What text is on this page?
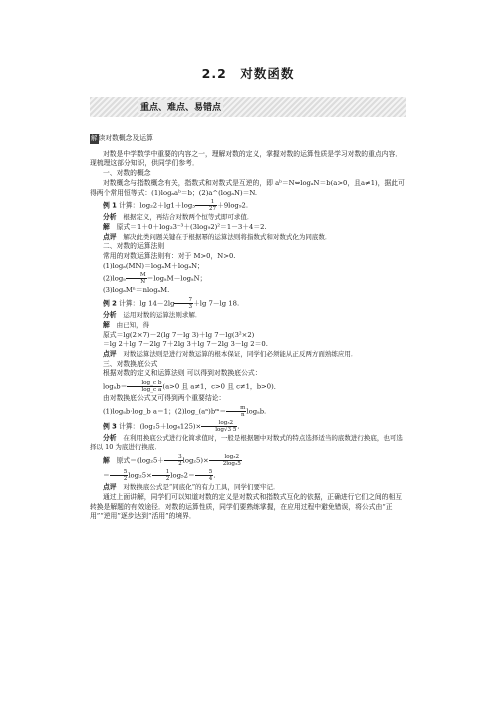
2.2　对数函数
重点、难点、易错点

解读对数概念及运算

对数是中学数学中重要的内容之一，理解对数的定义，掌握对数的运算性质是学习对数的重点内容．现梳理这部分知识，供同学们参考．

一、对数的概念

对数概念与指数概念有关，指数式和对数式是互逆的，即 aᵇ＝N⇔logₐN＝b(a>0，且a≠1)，据此可得两个常用恒等式：(1)logₐaᵇ＝b；(2)a^(logₐN)＝N.

例 1 计算：$\log_22+\lg 1+\log_3 \frac{1}{27} +9\log_92$.

分析　 根据定义，再结合对数两个恒等式即可求值．

解　 原式＝1＋0＋log₃3⁻³＋(3log₉2)²＝1－3＋4＝2.

点评　 解决此类问题关键在于根据幂的运算法则将指数式和对数式化为同底数．

二、对数的运算法则

常用的对数运算法则有：对于 M>0，N>0.

(1)logₐ(MN)＝logₐM＋logₐN；

$(2)\log_a \frac{M}{N} =\log_aM-\log_aN$；

(3)logₐMⁿ＝nlogₐM.

例 2 计算：$\lg 14-2\lg \frac{7}{3} +\lg$ 7－lg 18.

分析　 运用对数的运算法则求解．

解　 由已知，得

原式＝lg(2×7)－2(lg 7－lg 3)＋lg 7－lg(3²×2)

＝lg 2＋lg 7－2lg 7＋2lg 3＋lg 7－2lg 3－lg 2＝0.

点评　 对数运算法则是进行对数运算的根本保证，同学们必须能从正反两方面熟练应用．

三、对数换底公式

根据对数的定义和运算法则 可以得到对数换底公式：

$\log_ab= \frac{\text{log\_c b}}{\text{log\_c a}} (a>0$ 且 a≠1，c>0 且 c≠1，b>0)．

由对数换底公式又可得到两个重要结论：

(1)logₐb·log_b a＝1；(2)log_(aⁿ)bᵐ＝ $\frac{m}{n} \log_ab$.

例 3 计算：$(\log_25+\log_4125)\times \frac{\text{log₃2}}{\log√3 5}$ .

分析　 在利用换底公式进行化简求值时，一般是根据题中对数式的特点选择适当的底数进行换底，也可选择以 10 为底进行换底．

解　 原式$=(\log_25+ \frac{3}{2} \log_25)\times \frac{\text{log₃2}}{\text{2log₃5}}$

＝ $\frac{5}{2} \log_25\times \frac{1}{2} \log_52= \frac{5}{4}$ .

点评　 对数换底公式是“同底化”的有力工具，同学们要牢记．

通过上面讲解，同学们可以知道对数的定义是对数式和指数式互化的依据，正确进行它们之间的相互转换是解题的有效途径．对数的运算性质，同学们要熟练掌握，在应用过程中避免错误，将公式由“正用”“逆用”逐步达到“活用”的境界．
